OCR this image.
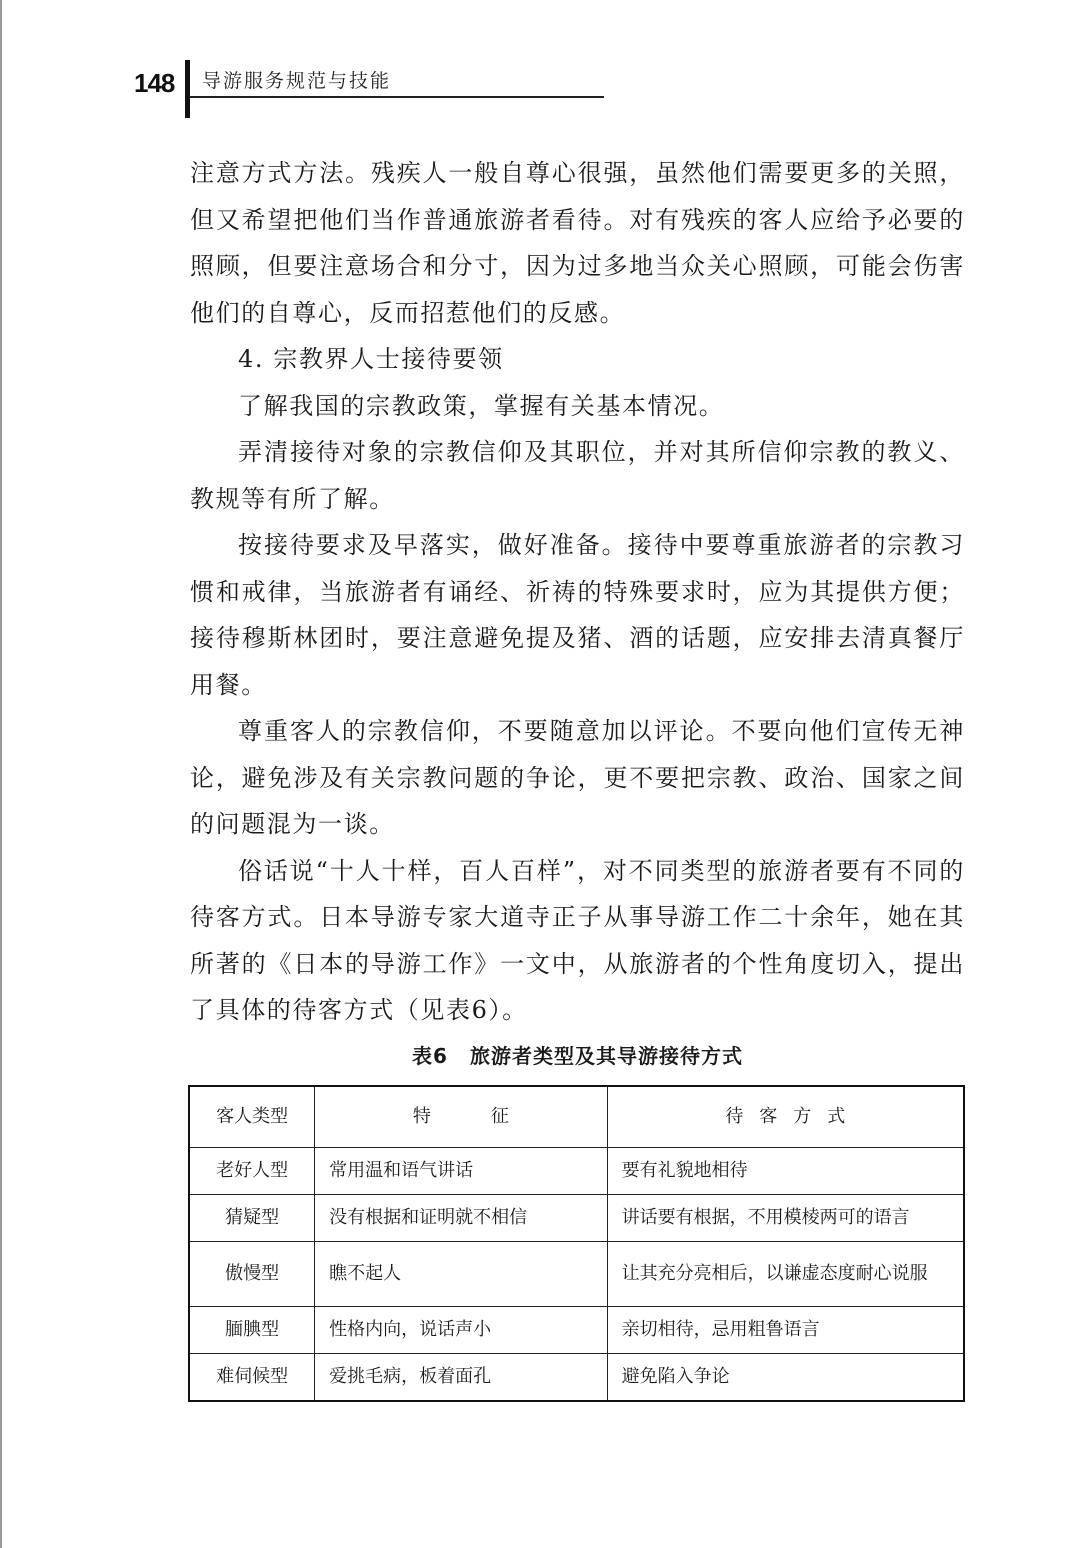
148	导游服务规范与技能

注意方式方法。残疾人一般自尊心很强，虽然他们需要更多的关照，但又希望把他们当作普通旅游者看待。对有残疾的客人应给予必要的照顾，但要注意场合和分寸，因为过多地当众关心照顾，可能会伤害他们的自尊心，反而招惹他们的反感。

4. 宗教界人士接待要领

了解我国的宗教政策，掌握有关基本情况。

弄清接待对象的宗教信仰及其职位，并对其所信仰宗教的教义、教规等有所了解。

按接待要求及早落实，做好准备。接待中要尊重旅游者的宗教习惯和戒律，当旅游者有诵经、祈祷的特殊要求时，应为其提供方便；接待穆斯林团时，要注意避免提及猪、酒的话题，应安排去清真餐厅用餐。

尊重客人的宗教信仰，不要随意加以评论。不要向他们宣传无神论，避免涉及有关宗教问题的争论，更不要把宗教、政治、国家之间的问题混为一谈。

俗话说“十人十样，百人百样”，对不同类型的旅游者要有不同的待客方式。日本导游专家大道寺正子从事导游工作二十余年，她在其所著的《日本的导游工作》一文中，从旅游者的个性角度切入，提出了具体的待客方式（见表6）。

表6 旅游者类型及其导游接待方式
客人类型	特征	待客方式
老好人型	常用温和语气讲话	要有礼貌地相待
猜疑型	没有根据和证明就不相信	讲话要有根据，不用模棱两可的语言
傲慢型	瞧不起人	让其充分亮相后，以谦虚态度耐心说服
腼腆型	性格内向，说话声小	亲切相待，忌用粗鲁语言
难伺候型	爱挑毛病，板着面孔	避免陷入争论
